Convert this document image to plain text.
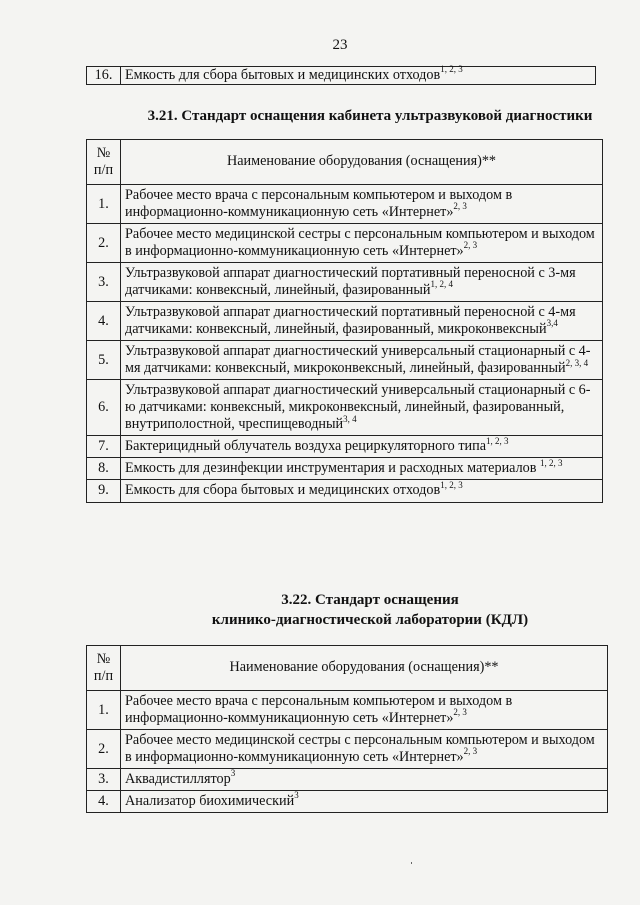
23
16.	Емкость для сбора бытовых и медицинских отходов$^{1, 2, 3}$
3.21. Стандарт оснащения кабинета ультразвуковой диагностики
№ п/п	Наименование оборудования (оснащения)**
1.	Рабочее место врача с персональным компьютером и выходом в информационно-коммуникационную сеть «Интернет»$^{2, 3}$
2.	Рабочее место медицинской сестры с персональным компьютером и выходом в информационно-коммуникационную сеть «Интернет»$^{2, 3}$
3.	Ультразвуковой аппарат диагностический портативный переносной с 3-мя датчиками: конвексный, линейный, фазированный$^{1, 2, 4}$
4.	Ультразвуковой аппарат диагностический портативный переносной с 4-мя датчиками: конвексный, линейный, фазированный, микроконвексный$^{3,4}$
5.	Ультразвуковой аппарат диагностический универсальный стационарный с 4-мя датчиками: конвексный, микроконвексный, линейный, фазированный$^{2, 3, 4}$
6.	Ультразвуковой аппарат диагностический универсальный стационарный с 6-ю датчиками: конвексный, микроконвексный, линейный, фазированный, внутриполостной, чреспищеводный$^{3, 4}$
7.	Бактерицидный облучатель воздуха рециркуляторного типа$^{1, 2, 3}$
8.	Емкость для дезинфекции инструментария и расходных материалов $^{1, 2, 3}$
9.	Емкость для сбора бытовых и медицинских отходов$^{1, 2, 3}$
3.22. Стандарт оснащения
клинико-диагностической лаборатории (КДЛ)
№ п/п	Наименование оборудования (оснащения)**
1.	Рабочее место врача с персональным компьютером и выходом в информационно-коммуникационную сеть «Интернет»$^{2, 3}$
2.	Рабочее место медицинской сестры с персональным компьютером и выходом в информационно-коммуникационную сеть «Интернет»$^{2, 3}$
3.	Аквадистиллятор$^3$
4.	Анализатор биохимический$^3$
